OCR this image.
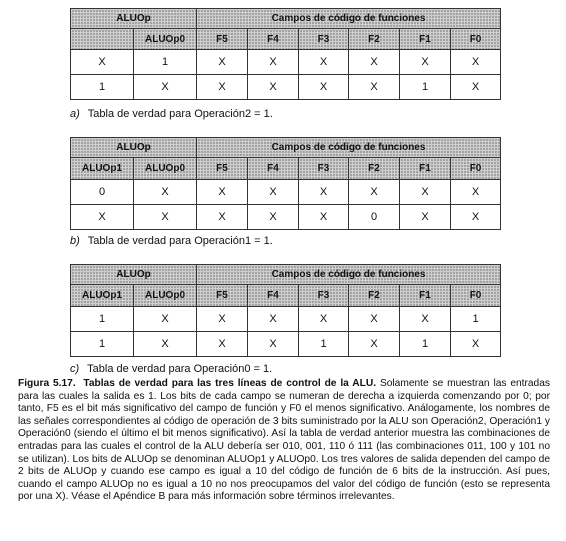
ALUOp		Campos de código de funciones					
	ALUOp0	F5	F4	F3	F2	F1	F0
X	1	X	X	X	X	X	X
1	X	X	X	X	X	1	X

a) Tabla de verdad para Operación2 = 1.

ALUOp		Campos de código de funciones					
ALUOp1	ALUOp0	F5	F4	F3	F2	F1	F0
0	X	X	X	X	X	X	X
X	X	X	X	X	0	X	X

b) Tabla de verdad para Operación1 = 1.

ALUOp		Campos de código de funciones					
ALUOp1	ALUOp0	F5	F4	F3	F2	F1	F0
1	X	X	X	X	X	X	1
1	X	X	X	1	X	1	X

c) Tabla de verdad para Operación0 = 1.

Figura 5.17. Tablas de verdad para las tres líneas de control de la ALU. Solamente se muestran las entradas para las cuales la salida es 1. Los bits de cada campo se numeran de derecha a izquierda comenzando por 0; por tanto, F5 es el bit más significativo del campo de función y F0 el menos significativo. Análogamente, los nombres de las señales correspondientes al código de operación de 3 bits suministrado por la ALU son Operación2, Operación1 y Operación0 (siendo el último el bit menos significativo). Así la tabla de verdad anterior muestra las combinaciones de entradas para las cuales el control de la ALU debería ser 010, 001, 110 ó 111 (las combinaciones 011, 100 y 101 no se utilizan). Los bits de ALUOp se denominan ALUOp1 y ALUOp0. Los tres valores de salida dependen del campo de 2 bits de ALUOp y cuando ese campo es igual a 10 del código de función de 6 bits de la instrucción. Así pues, cuando el campo ALUOp no es igual a 10 no nos preocupamos del valor del código de función (esto se representa por una X). Véase el Apéndice B para más información sobre términos irrelevantes.
